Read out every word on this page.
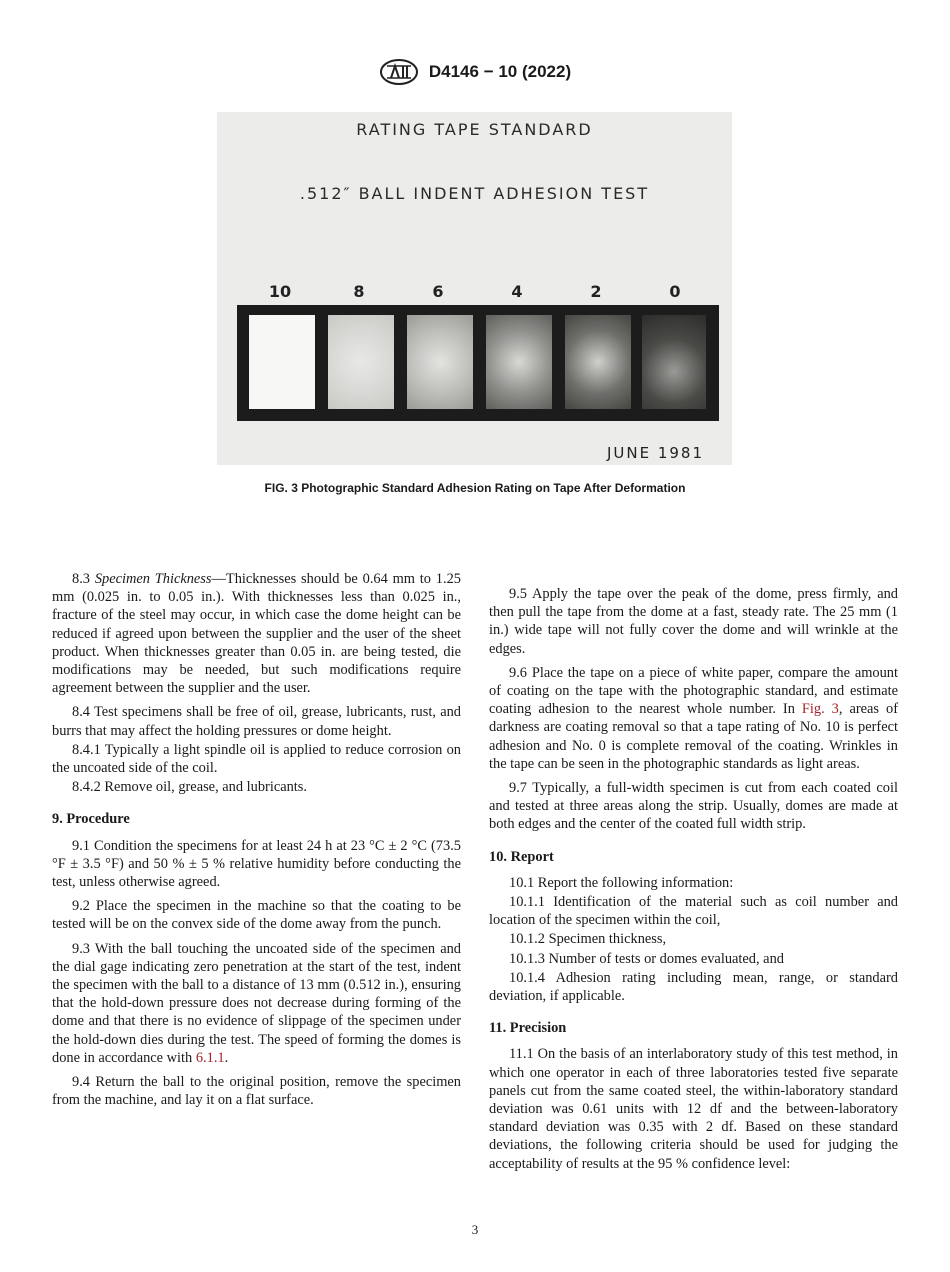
D4146 − 10 (2022)
RATING TAPE STANDARD
.512″ BALL INDENT ADHESION TEST
10	8	6	4	2	0
JUNE 1981
FIG. 3 Photographic Standard Adhesion Rating on Tape After Deformation

8.3 Specimen Thickness—Thicknesses should be 0.64 mm to 1.25 mm (0.025 in. to 0.05 in.). With thicknesses less than 0.025 in., fracture of the steel may occur, in which case the dome height can be reduced if agreed upon between the supplier and the user of the sheet product. When thicknesses greater than 0.05 in. are being tested, die modifications may be needed, but such modifications require agreement between the supplier and the user.

8.4 Test specimens shall be free of oil, grease, lubricants, rust, and burrs that may affect the holding pressures or dome height.

8.4.1 Typically a light spindle oil is applied to reduce corrosion on the uncoated side of the coil.

8.4.2 Remove oil, grease, and lubricants.

9. Procedure

9.1 Condition the specimens for at least 24 h at 23 °C ± 2 °C (73.5 °F ± 3.5 °F) and 50 % ± 5 % relative humidity before conducting the test, unless otherwise agreed.

9.2 Place the specimen in the machine so that the coating to be tested will be on the convex side of the dome away from the punch.

9.3 With the ball touching the uncoated side of the specimen and the dial gage indicating zero penetration at the start of the test, indent the specimen with the ball to a distance of 13 mm (0.512 in.), ensuring that the hold-down pressure does not decrease during forming of the dome and that there is no evidence of slippage of the specimen under the hold-down dies during the test. The speed of forming the domes is done in accordance with 6.1.1.

9.4 Return the ball to the original position, remove the specimen from the machine, and lay it on a flat surface.

9.5 Apply the tape over the peak of the dome, press firmly, and then pull the tape from the dome at a fast, steady rate. The 25 mm (1 in.) wide tape will not fully cover the dome and will wrinkle at the edges.

9.6 Place the tape on a piece of white paper, compare the amount of coating on the tape with the photographic standard, and estimate coating adhesion to the nearest whole number. In Fig. 3, areas of darkness are coating removal so that a tape rating of No. 10 is perfect adhesion and No. 0 is complete removal of the coating. Wrinkles in the tape can be seen in the photographic standards as light areas.

9.7 Typically, a full-width specimen is cut from each coated coil and tested at three areas along the strip. Usually, domes are made at both edges and the center of the coated full width strip.

10. Report

10.1 Report the following information:

10.1.1 Identification of the material such as coil number and location of the specimen within the coil,

10.1.2 Specimen thickness,

10.1.3 Number of tests or domes evaluated, and

10.1.4 Adhesion rating including mean, range, or standard deviation, if applicable.

11. Precision

11.1 On the basis of an interlaboratory study of this test method, in which one operator in each of three laboratories tested five separate panels cut from the same coated steel, the within-laboratory standard deviation was 0.61 units with 12 df and the between-laboratory standard deviation was 0.35 with 2 df. Based on these standard deviations, the following criteria should be used for judging the acceptability of results at the 95 % confidence level:

3
